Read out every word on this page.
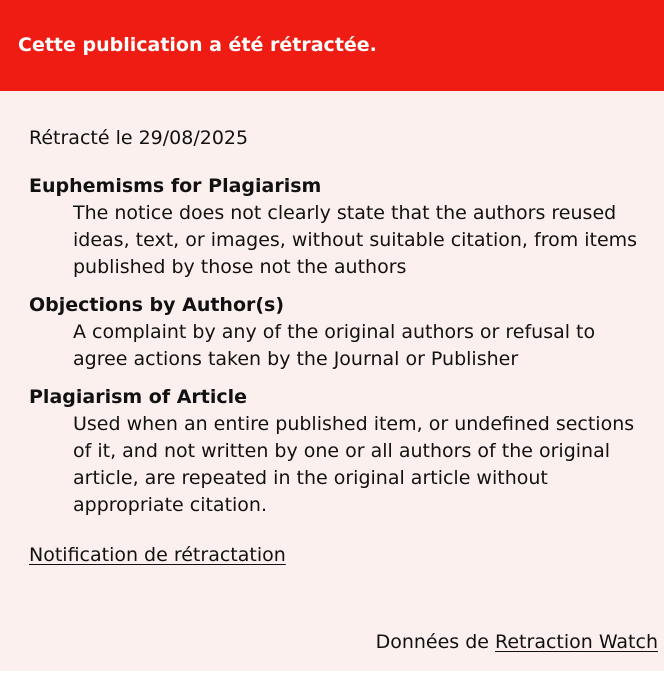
Cette publication a été rétractée.
Rétracté le 29/08/2025
Euphemisms for Plagiarism
The notice does not clearly state that the authors reused ideas, text, or images, without suitable citation, from items published by those not the authors
Objections by Author(s)
A complaint by any of the original authors or refusal to agree actions taken by the Journal or Publisher
Plagiarism of Article
Used when an entire published item, or undefined sections of it, and not written by one or all authors of the original article, are repeated in the original article without appropriate citation.
Notification de rétractation
Données de Retraction Watch
